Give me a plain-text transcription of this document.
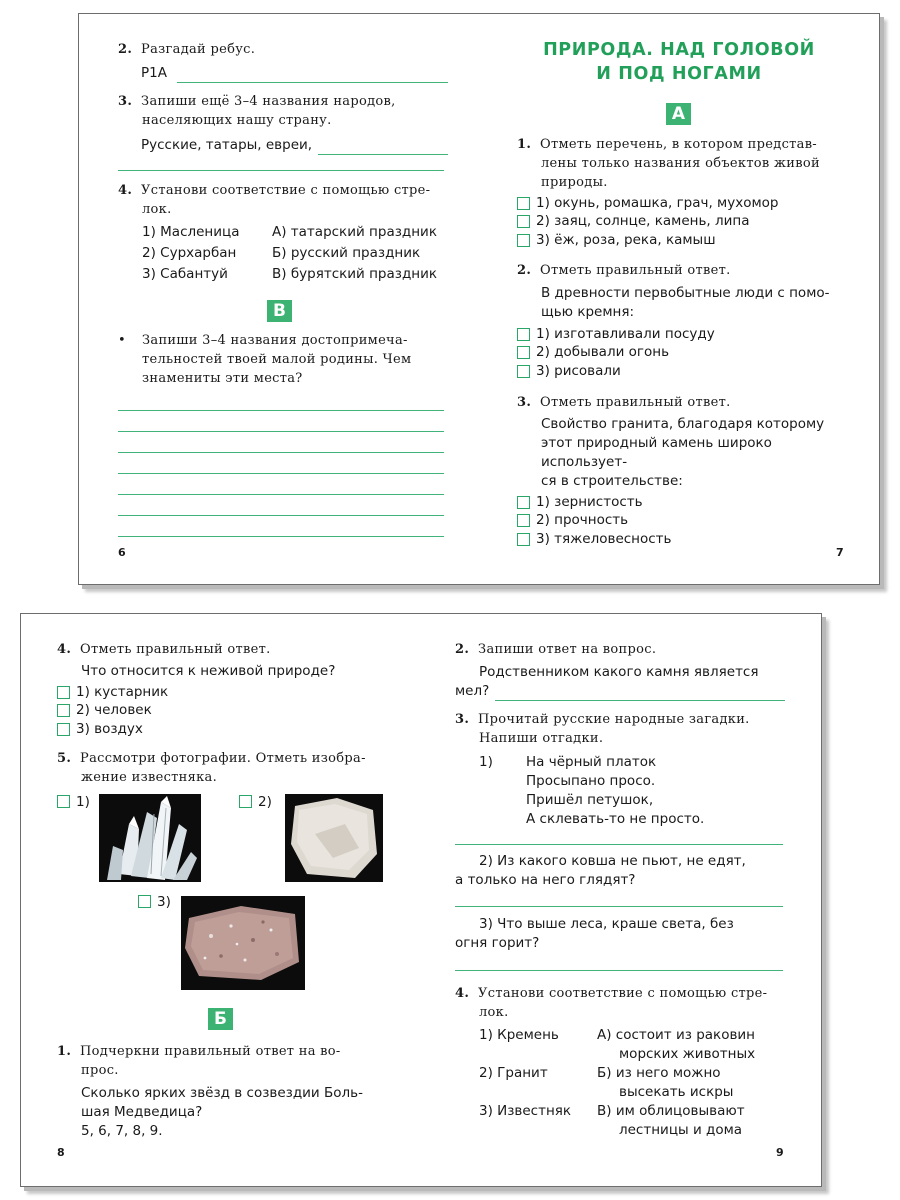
2. Разгадай ребус.
Р1А
3. Запиши ещё 3–4 названия народов,
населяющих нашу страну.
Русские, татары, евреи,
4. Установи соответствие с помощью стре-
лок.
1) Масленица	А) татарский праздник
2) Сурхарбан	Б) русский праздник
3) Сабантуй	В) бурятский праздник
В
•	Запиши 3–4 названия достопримеча-
тельностей твоей малой родины. Чем
знамениты эти места?
6
ПРИРОДА. НАД ГОЛОВОЙ
И ПОД НОГАМИ
А
1. Отметь перечень, в котором представ-
лены только названия объектов живой
природы.
1) окунь, ромашка, грач, мухомор
2) заяц, солнце, камень, липа
3) ёж, роза, река, камыш
2. Отметь правильный ответ.
В древности первобытные люди с помо-
щью кремня:
1) изготавливали посуду
2) добывали огонь
3) рисовали
3. Отметь правильный ответ.
Свойство гранита, благодаря которому
этот природный камень широко использует-
ся в строительстве:
1) зернистость
2) прочность
3) тяжеловесность
7
4. Отметь правильный ответ.
Что относится к неживой природе?
1) кустарник
2) человек
3) воздух
5. Рассмотри фотографии. Отметь изобра-
жение известняка.
1)	2)
3)
Б
1. Подчеркни правильный ответ на во-
прос.
Сколько ярких звёзд в созвездии Боль-
шая Медведица?
5, 6, 7, 8, 9.
8
2. Запиши ответ на вопрос.
Родственником какого камня является
мел?
3. Прочитай русские народные загадки.
Напиши отгадки.
1)	На чёрный платок
Просыпано просо.
Пришёл петушок,
А склевать-то не просто.
2) Из какого ковша не пьют, не едят,
а только на него глядят?
3) Что выше леса, краше света, без
огня горит?
4. Установи соответствие с помощью стре-
лок.
1) Кремень	А) состоит из раковин
морских животных
2) Гранит	Б) из него можно
высекать искры
3) Известняк	В) им облицовывают
лестницы и дома
9
